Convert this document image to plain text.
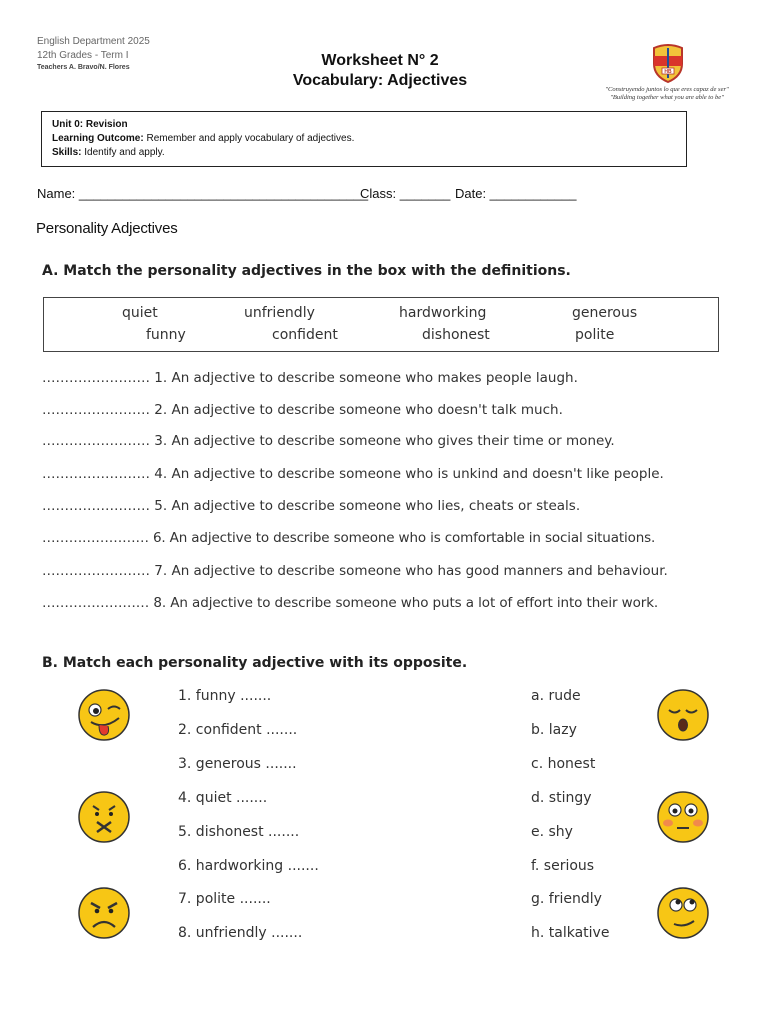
English Department 2025
12th Grades - Term I
Teachers A. Bravo/N. Flores	Worksheet N° 2
Vocabulary: Adjectives	HB
"Construyendo juntos lo que eres capaz de ser"
"Building together what you are able to be"
Unit 0: Revision
Learning Outcome: Remember and apply vocabulary of adjectives.
Skills: Identify and apply.
Name: ________________________________________
Class: _______ Date: ____________
Personality Adjectives
A. Match the personality adjectives in the box with the definitions.
quiet	unfriendly	hardworking	generous
funny	confident	dishonest	polite
…………………… 1. An adjective to describe someone who makes people laugh.
…………………… 2. An adjective to describe someone who doesn't talk much.
…………………… 3. An adjective to describe someone who gives their time or money.
…………………… 4. An adjective to describe someone who is unkind and doesn't like people.
…………………… 5. An adjective to describe someone who lies, cheats or steals.
…………………… 6. An adjective to describe someone who is comfortable in social situations.
…………………… 7. An adjective to describe someone who has good manners and behaviour.
…………………… 8. An adjective to describe someone who puts a lot of effort into their work.
B. Match each personality adjective with its opposite.
1. funny .......
2. confident .......
3. generous .......
4. quiet .......
5. dishonest .......
6. hardworking .......
7. polite .......
8. unfriendly .......
a. rude
b. lazy
c. honest
d. stingy
e. shy
f. serious
g. friendly
h. talkative
